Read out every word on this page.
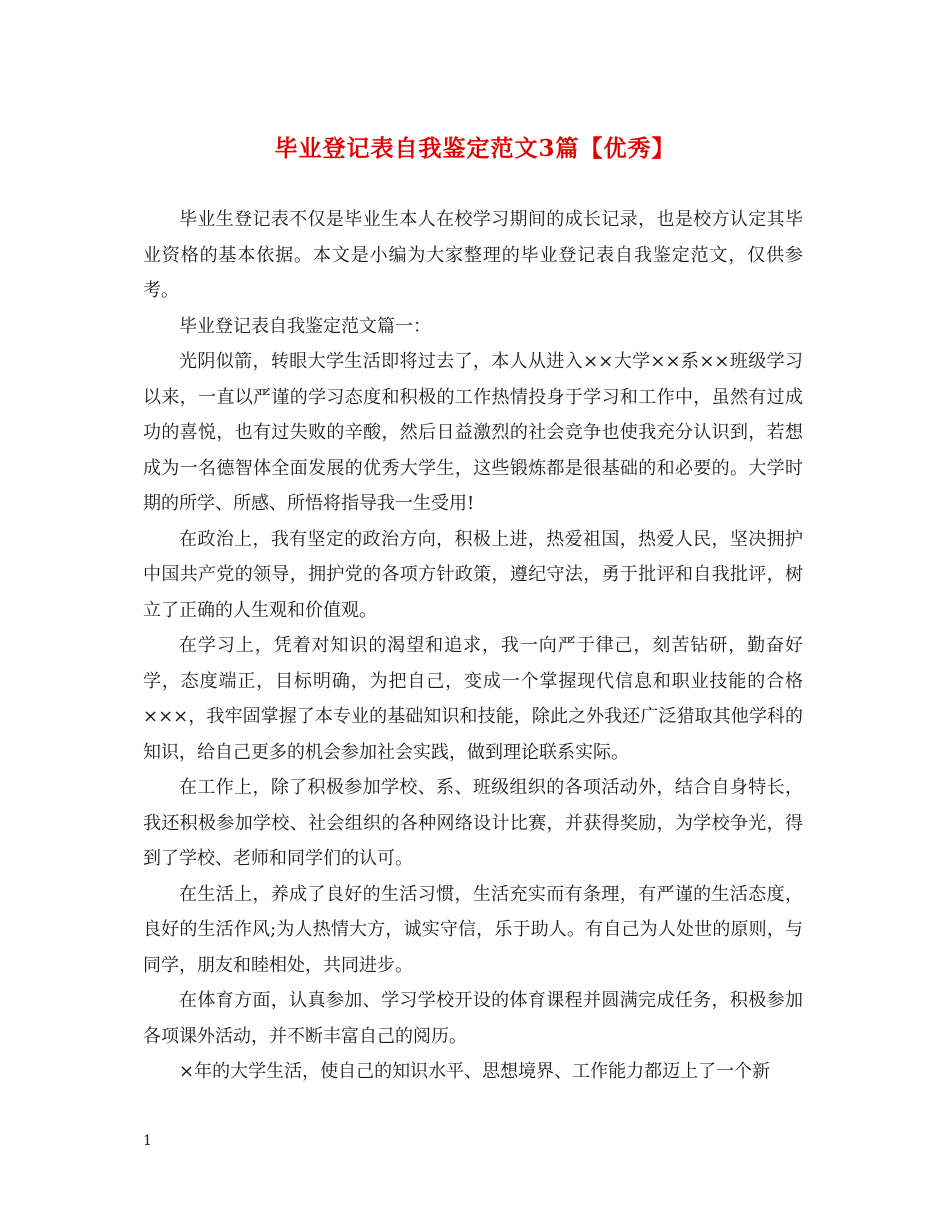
毕业登记表自我鉴定范文3篇【优秀】

毕业生登记表不仅是毕业生本人在校学习期间的成长记录，也是校方认定其毕业资格的基本依据。本文是小编为大家整理的毕业登记表自我鉴定范文，仅供参考。

毕业登记表自我鉴定范文篇一：

光阴似箭，转眼大学生活即将过去了，本人从进入××大学××系××班级学习以来，一直以严谨的学习态度和积极的工作热情投身于学习和工作中，虽然有过成功的喜悦，也有过失败的辛酸，然后日益激烈的社会竞争也使我充分认识到，若想成为一名德智体全面发展的优秀大学生，这些锻炼都是很基础的和必要的。大学时期的所学、所感、所悟将指导我一生受用!

在政治上，我有坚定的政治方向，积极上进，热爱祖国，热爱人民，坚决拥护中国共产党的领导，拥护党的各项方针政策，遵纪守法，勇于批评和自我批评，树立了正确的人生观和价值观。

在学习上，凭着对知识的渴望和追求，我一向严于律己，刻苦钻研，勤奋好学，态度端正，目标明确，为把自己，变成一个掌握现代信息和职业技能的合格×××，我牢固掌握了本专业的基础知识和技能，除此之外我还广泛猎取其他学科的知识，给自己更多的机会参加社会实践，做到理论联系实际。

在工作上，除了积极参加学校、系、班级组织的各项活动外，结合自身特长，我还积极参加学校、社会组织的各种网络设计比赛，并获得奖励，为学校争光，得到了学校、老师和同学们的认可。

在生活上，养成了良好的生活习惯，生活充实而有条理，有严谨的生活态度，良好的生活作风;为人热情大方，诚实守信，乐于助人。有自己为人处世的原则，与同学，朋友和睦相处，共同进步。

在体育方面，认真参加、学习学校开设的体育课程并圆满完成任务，积极参加各项课外活动，并不断丰富自己的阅历。

×年的大学生活，使自己的知识水平、思想境界、工作能力都迈上了一个新

1
